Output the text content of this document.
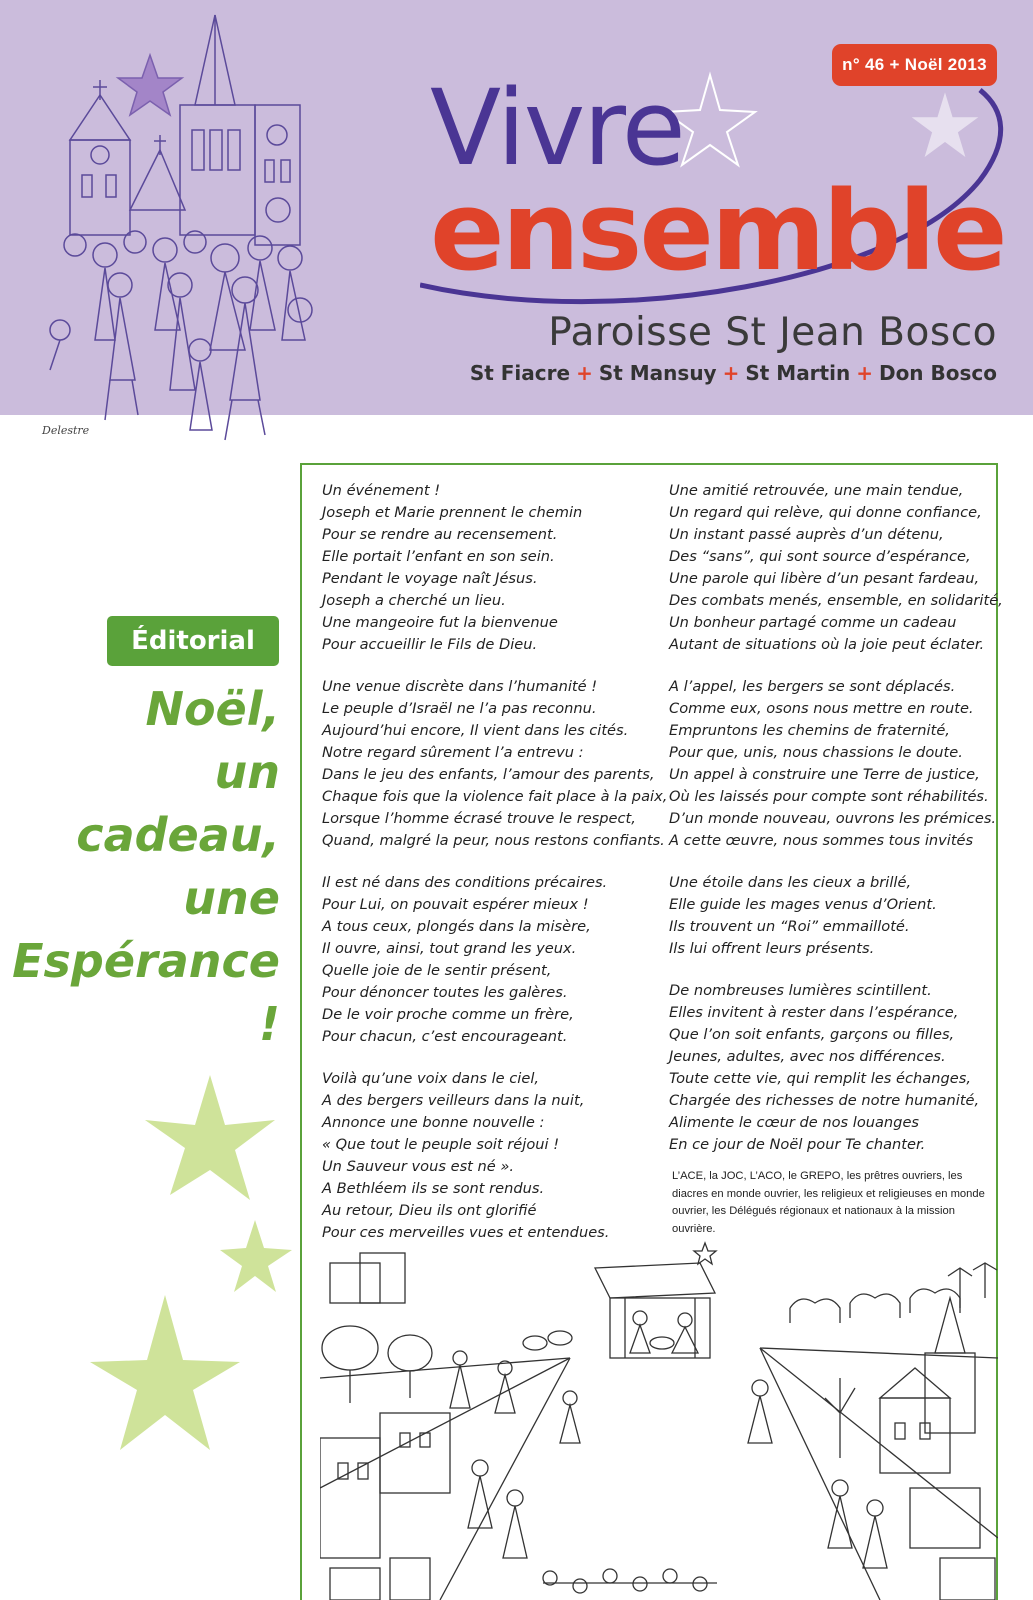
n° 46 + Noël 2013
Vivre
ensemble
Paroisse St Jean Bosco
St Fiacre + St Mansuy + St Martin + Don Bosco
Delestre
Éditorial
Noël,
un cadeau,
une
Espérance !
Un événement !
Joseph et Marie prennent le chemin
Pour se rendre au recensement.
Elle portait l’enfant en son sein.
Pendant le voyage naît Jésus.
Joseph a cherché un lieu.
Une mangeoire fut la bienvenue
Pour accueillir le Fils de Dieu.
Une venue discrète dans l’humanité !
Le peuple d’Israël ne l’a pas reconnu.
Aujourd’hui encore, Il vient dans les cités.
Notre regard sûrement l’a entrevu :
Dans le jeu des enfants, l’amour des parents,
Chaque fois que la violence fait place à la paix,
Lorsque l’homme écrasé trouve le respect,
Quand, malgré la peur, nous restons confiants.
Il est né dans des conditions précaires.
Pour Lui, on pouvait espérer mieux !
A tous ceux, plongés dans la misère,
Il ouvre, ainsi, tout grand les yeux.
Quelle joie de le sentir présent,
Pour dénoncer toutes les galères.
De le voir proche comme un frère,
Pour chacun, c’est encourageant.
Voilà qu’une voix dans le ciel,
A des bergers veilleurs dans la nuit,
Annonce une bonne nouvelle :
« Que tout le peuple soit réjoui !
Un Sauveur vous est né ».
A Bethléem ils se sont rendus.
Au retour, Dieu ils ont glorifié
Pour ces merveilles vues et entendues.
Une amitié retrouvée, une main tendue,
Un regard qui relève, qui donne confiance,
Un instant passé auprès d’un détenu,
Des “sans”, qui sont source d’espérance,
Une parole qui libère d’un pesant fardeau,
Des combats menés, ensemble, en solidarité,
Un bonheur partagé comme un cadeau
Autant de situations où la joie peut éclater.
A l’appel, les bergers se sont déplacés.
Comme eux, osons nous mettre en route.
Empruntons les chemins de fraternité,
Pour que, unis, nous chassions le doute.
Un appel à construire une Terre de justice,
Où les laissés pour compte sont réhabilités.
D’un monde nouveau, ouvrons les prémices.
A cette œuvre, nous sommes tous invités
Une étoile dans les cieux a brillé,
Elle guide les mages venus d’Orient.
Ils trouvent un “Roi” emmailloté.
Ils lui offrent leurs présents.
De nombreuses lumières scintillent.
Elles invitent à rester dans l’espérance,
Que l’on soit enfants, garçons ou filles,
Jeunes, adultes, avec nos différences.
Toute cette vie, qui remplit les échanges,
Chargée des richesses de notre humanité,
Alimente le cœur de nos louanges
En ce jour de Noël pour Te chanter.
L’ACE, la JOC, L’ACO, le GREPO, les prêtres ouvriers, les diacres en monde ouvrier, les religieux et religieuses en monde ouvrier, les Délégués régionaux et nationaux à la mission ouvrière.
